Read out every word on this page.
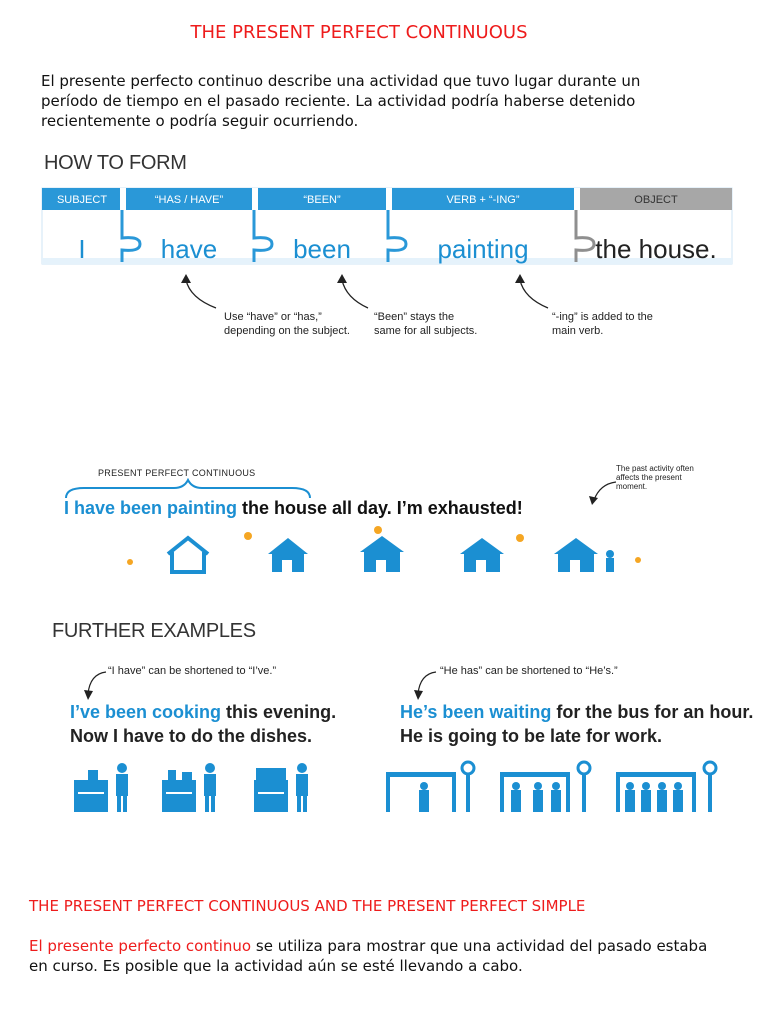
THE PRESENT PERFECT CONTINUOUS
El presente perfecto continuo describe una actividad que tuvo lugar durante un período de tiempo en el pasado reciente. La actividad podría haberse detenido recientemente o podría seguir ocurriendo.
HOW TO FORM
SUBJECT
I
“HAS / HAVE”
have
“BEEN”
been
VERB + “-ING”
painting
OBJECT
the house.
Use “have” or “has,” depending on the subject.
“Been” stays the same for all subjects.
“-ing” is added to the main verb.
PRESENT PERFECT CONTINUOUS	The past activity often affects the present moment.
I have been painting the house all day. I’m exhausted!
FURTHER EXAMPLES
“I have” can be shortened to “I’ve.”
I’ve been cooking this evening.
Now I have to do the dishes.
“He has” can be shortened to “He’s.”
He’s been waiting for the bus for an hour.
He is going to be late for work.
THE PRESENT PERFECT CONTINUOUS AND THE PRESENT PERFECT SIMPLE
El presente perfecto continuo se utiliza para mostrar que una actividad del pasado estaba en curso. Es posible que la actividad aún se esté llevando a cabo.
